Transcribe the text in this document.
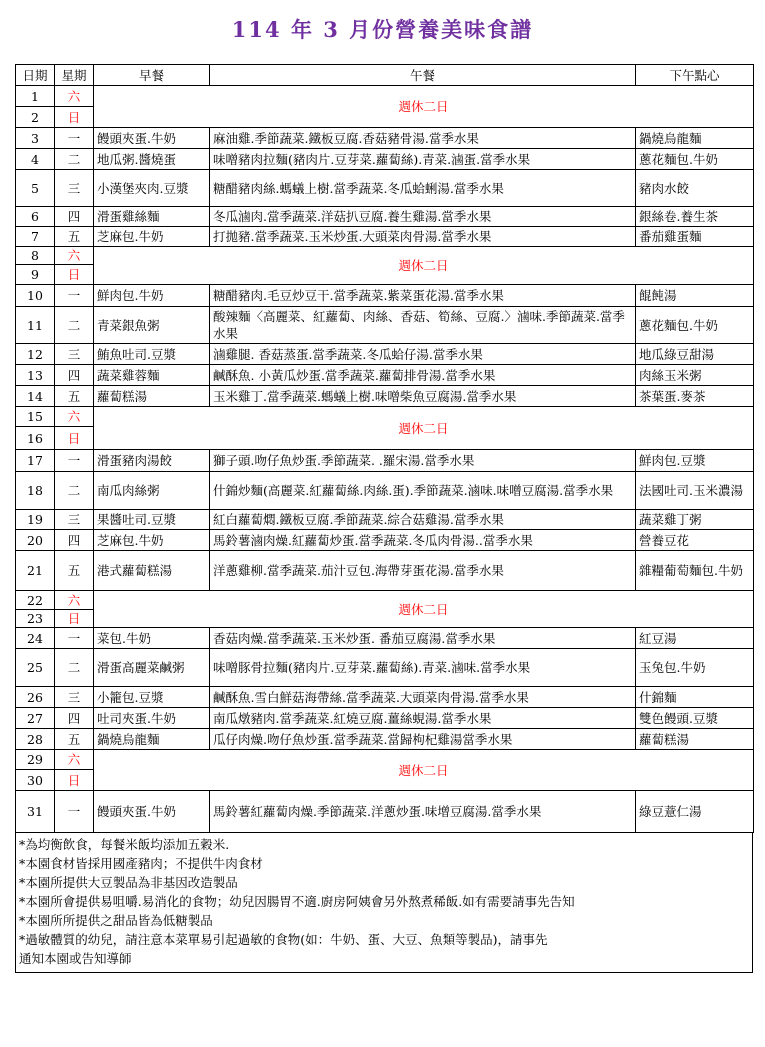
114 年 3 月份營養美味食譜
日期	星期	早餐	午餐	下午點心
1	六	週休二日		
2	日			
3	一	饅頭夾蛋.牛奶	麻油雞.季節蔬菜.鐵板豆腐.香菇豬骨湯.當季水果	鍋燒烏龍麵
4	二	地瓜粥.醬燒蛋	味噌豬肉拉麵(豬肉片.豆芽菜.蘿蔔絲).青菜.滷蛋.當季水果	蔥花麵包.牛奶
5	三	小漢堡夾肉.豆漿	糖醋豬肉絲.螞蟻上樹.當季蔬菜.冬瓜蛤蜊湯.當季水果	豬肉水餃
6	四	滑蛋雞絲麵	冬瓜滷肉.當季蔬菜.洋菇扒豆腐.養生雞湯.當季水果	銀絲卷.養生茶
7	五	芝麻包.牛奶	打拋豬.當季蔬菜.玉米炒蛋.大頭菜肉骨湯.當季水果	番茄雞蛋麵
8	六	週休二日		
9	日			
10	一	鮮肉包.牛奶	糖醋豬肉.毛豆炒豆干.當季蔬菜.紫菜蛋花湯.當季水果	餛飩湯
11	二	青菜銀魚粥	酸辣麵〈高麗菜、紅蘿蔔、肉絲、香菇、筍絲、豆腐.〉滷味.季節蔬菜.當季水果	蔥花麵包.牛奶
12	三	鮪魚吐司.豆漿	滷雞腿. 香菇蒸蛋.當季蔬菜.冬瓜蛤仔湯.當季水果	地瓜綠豆甜湯
13	四	蔬菜雞蓉麵	鹹酥魚. 小黃瓜炒蛋.當季蔬菜.蘿蔔排骨湯.當季水果	肉絲玉米粥
14	五	蘿蔔糕湯	玉米雞丁.當季蔬菜.螞蟻上樹.味噌柴魚豆腐湯.當季水果	茶葉蛋.麥茶
15	六	週休二日		
16	日			
17	一	滑蛋豬肉湯餃	獅子頭.吻仔魚炒蛋.季節蔬菜. .羅宋湯.當季水果	鮮肉包.豆漿
18	二	南瓜肉絲粥	什錦炒麵(高麗菜.紅蘿蔔絲.肉絲.蛋).季節蔬菜.滷味.味噌豆腐湯.當季水果	法國吐司.玉米濃湯
19	三	果醬吐司.豆漿	紅白蘿蔔燜.鐵板豆腐.季節蔬菜.綜合菇雞湯.當季水果	蔬菜雞丁粥
20	四	芝麻包.牛奶	馬鈴薯滷肉燥.紅蘿蔔炒蛋.當季蔬菜.冬瓜肉骨湯..當季水果	營養豆花
21	五	港式蘿蔔糕湯	洋蔥雞柳.當季蔬菜.茄汁豆包.海帶芽蛋花湯.當季水果	雜糧葡萄麵包.牛奶
22	六	週休二日		
23	日			
24	一	菜包.牛奶	香菇肉燥.當季蔬菜.玉米炒蛋. 番茄豆腐湯.當季水果	紅豆湯
25	二	滑蛋高麗菜鹹粥	味噌豚骨拉麵(豬肉片.豆芽菜.蘿蔔絲).青菜.滷味.當季水果	玉兔包.牛奶
26	三	小籠包.豆漿	鹹酥魚.雪白鮮菇海帶絲.當季蔬菜.大頭菜肉骨湯.當季水果	什錦麵
27	四	吐司夾蛋.牛奶	南瓜燉豬肉.當季蔬菜.紅燒豆腐.薑絲蜆湯.當季水果	雙色饅頭.豆漿
28	五	鍋燒烏龍麵	瓜仔肉燥.吻仔魚炒蛋.當季蔬菜.當歸枸杞雞湯當季水果	蘿蔔糕湯
29	六	週休二日		
30	日			
31	一	饅頭夾蛋.牛奶	馬鈴薯紅蘿蔔肉燥.季節蔬菜.洋蔥炒蛋.味增豆腐湯.當季水果	綠豆薏仁湯
*為均衡飲食，每餐米飯均添加五穀米.
*本園食材皆採用國產豬肉；不提供牛肉食材
*本園所提供大豆製品為非基因改造製品
*本園所會提供易咀嚼.易消化的食物；幼兒因腸胃不適.廚房阿姨會另外熬煮稀飯.如有需要請事先告知
*本園所所提供之甜品皆為低糖製品
*過敏體質的幼兒，請注意本菜單易引起過敏的食物(如：牛奶、蛋、大豆、魚類等製品)，請事先
通知本園或告知導師
